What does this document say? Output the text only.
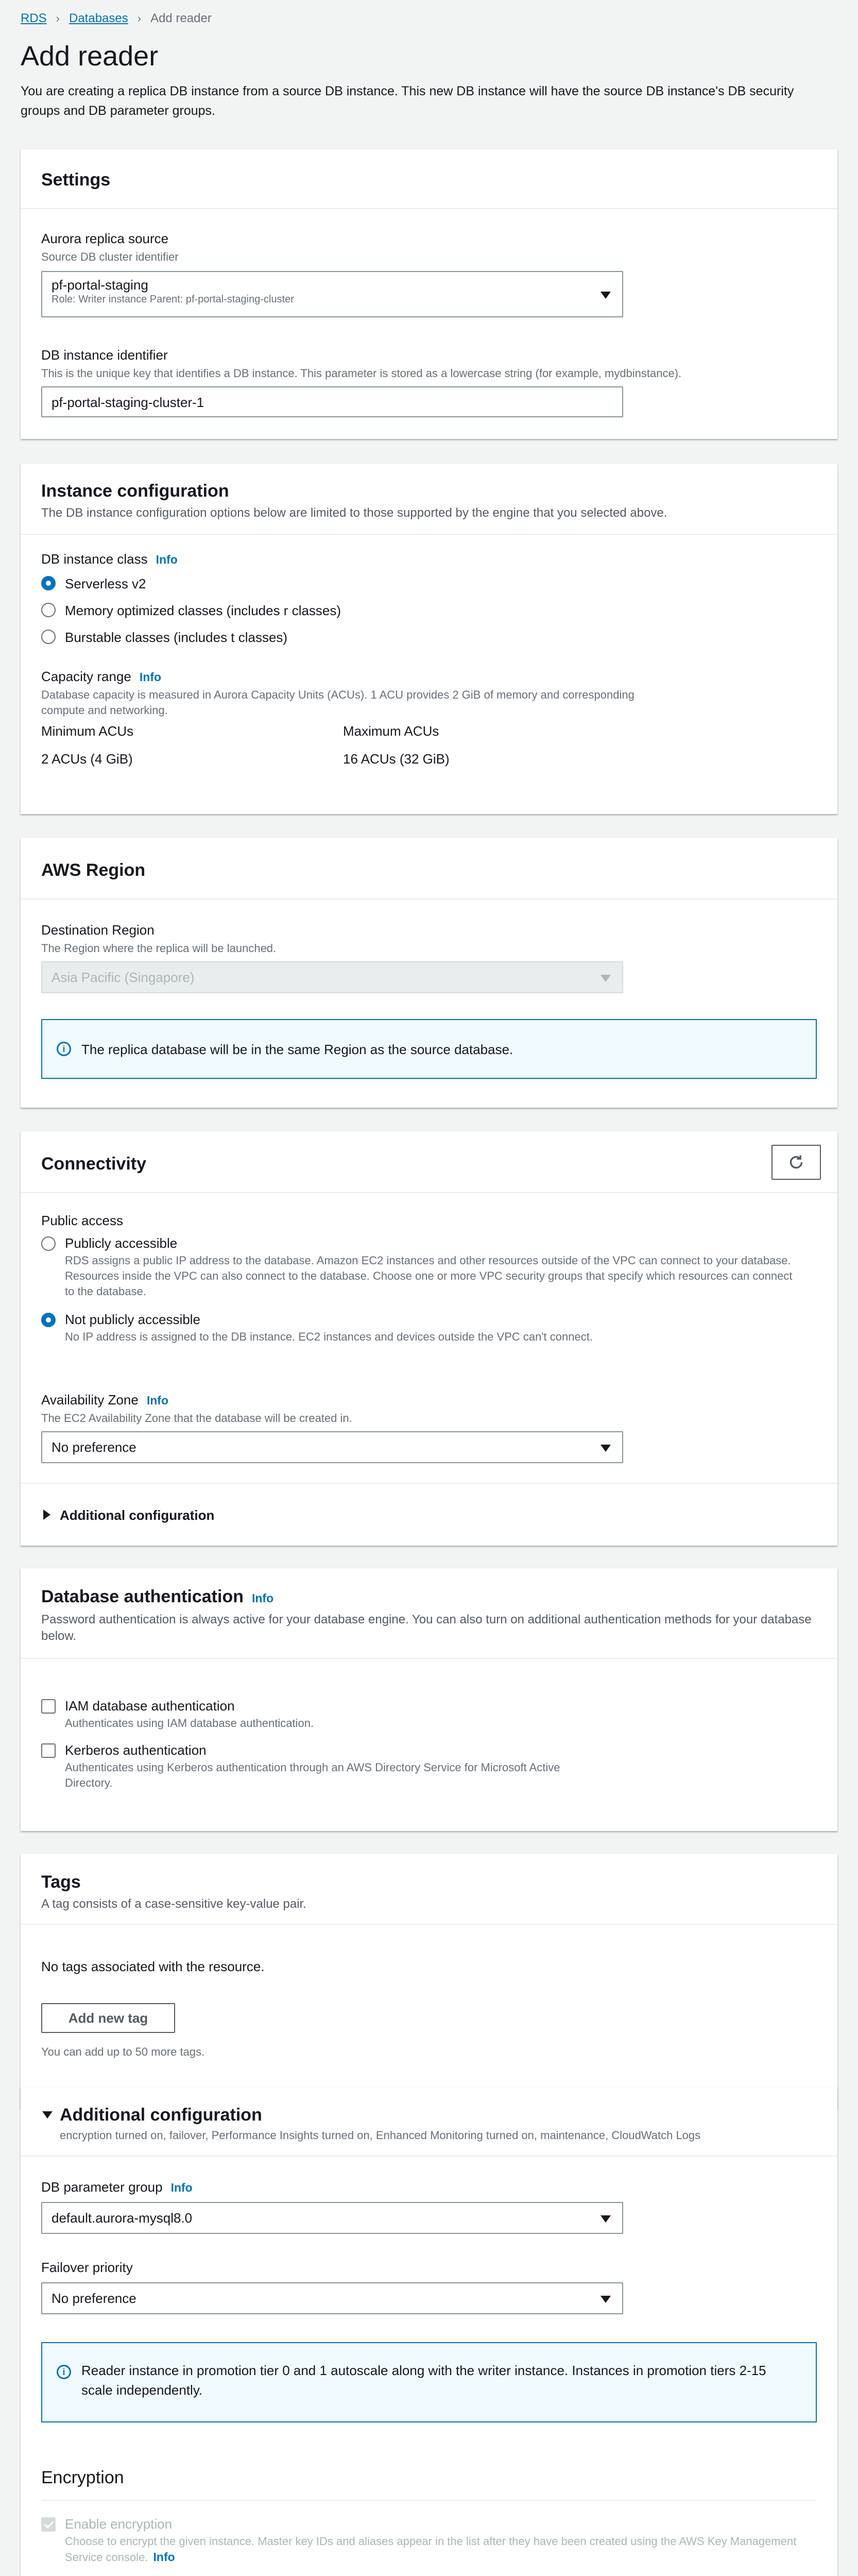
RDS › Databases › Add reader
Add reader
You are creating a replica DB instance from a source DB instance. This new DB instance will have the source DB instance's DB security groups and DB parameter groups.
Settings
Aurora replica source
Source DB cluster identifier
pf-portal-staging
Role: Writer instance Parent: pf-portal-staging-cluster
DB instance identifier
This is the unique key that identifies a DB instance. This parameter is stored as a lowercase string (for example, mydbinstance).
pf-portal-staging-cluster-1
Instance configuration
The DB instance configuration options below are limited to those supported by the engine that you selected above.
DB instance class Info
Serverless v2
Memory optimized classes (includes r classes)
Burstable classes (includes t classes)
Capacity range Info
Database capacity is measured in Aurora Capacity Units (ACUs). 1 ACU provides 2 GiB of memory and corresponding compute and networking.
Minimum ACUs
2 ACUs (4 GiB)
Maximum ACUs
16 ACUs (32 GiB)
AWS Region
Destination Region
The Region where the replica will be launched.
Asia Pacific (Singapore)
i	The replica database will be in the same Region as the source database.
Connectivity
Public access
Publicly accessible
RDS assigns a public IP address to the database. Amazon EC2 instances and other resources outside of the VPC can connect to your database. Resources inside the VPC can also connect to the database. Choose one or more VPC security groups that specify which resources can connect to the database.
Not publicly accessible
No IP address is assigned to the DB instance. EC2 instances and devices outside the VPC can't connect.
Availability Zone Info
The EC2 Availability Zone that the database will be created in.
No preference
Additional configuration
Database authentication Info
Password authentication is always active for your database engine. You can also turn on additional authentication methods for your database below.
IAM database authentication
Authenticates using IAM database authentication.
Kerberos authentication
Authenticates using Kerberos authentication through an AWS Directory Service for Microsoft Active Directory.
Tags
A tag consists of a case-sensitive key-value pair.
No tags associated with the resource.
Add new tag
You can add up to 50 more tags.
Additional configuration
encryption turned on, failover, Performance Insights turned on, Enhanced Monitoring turned on, maintenance, CloudWatch Logs
DB parameter group Info
default.aurora-mysql8.0
Failover priority
No preference
i	Reader instance in promotion tier 0 and 1 autoscale along with the writer instance. Instances in promotion tiers 2-15 scale independently.
Encryption
Enable encryption
Choose to encrypt the given instance. Master key IDs and aliases appear in the list after they have been created using the AWS Key Management Service console. Info
